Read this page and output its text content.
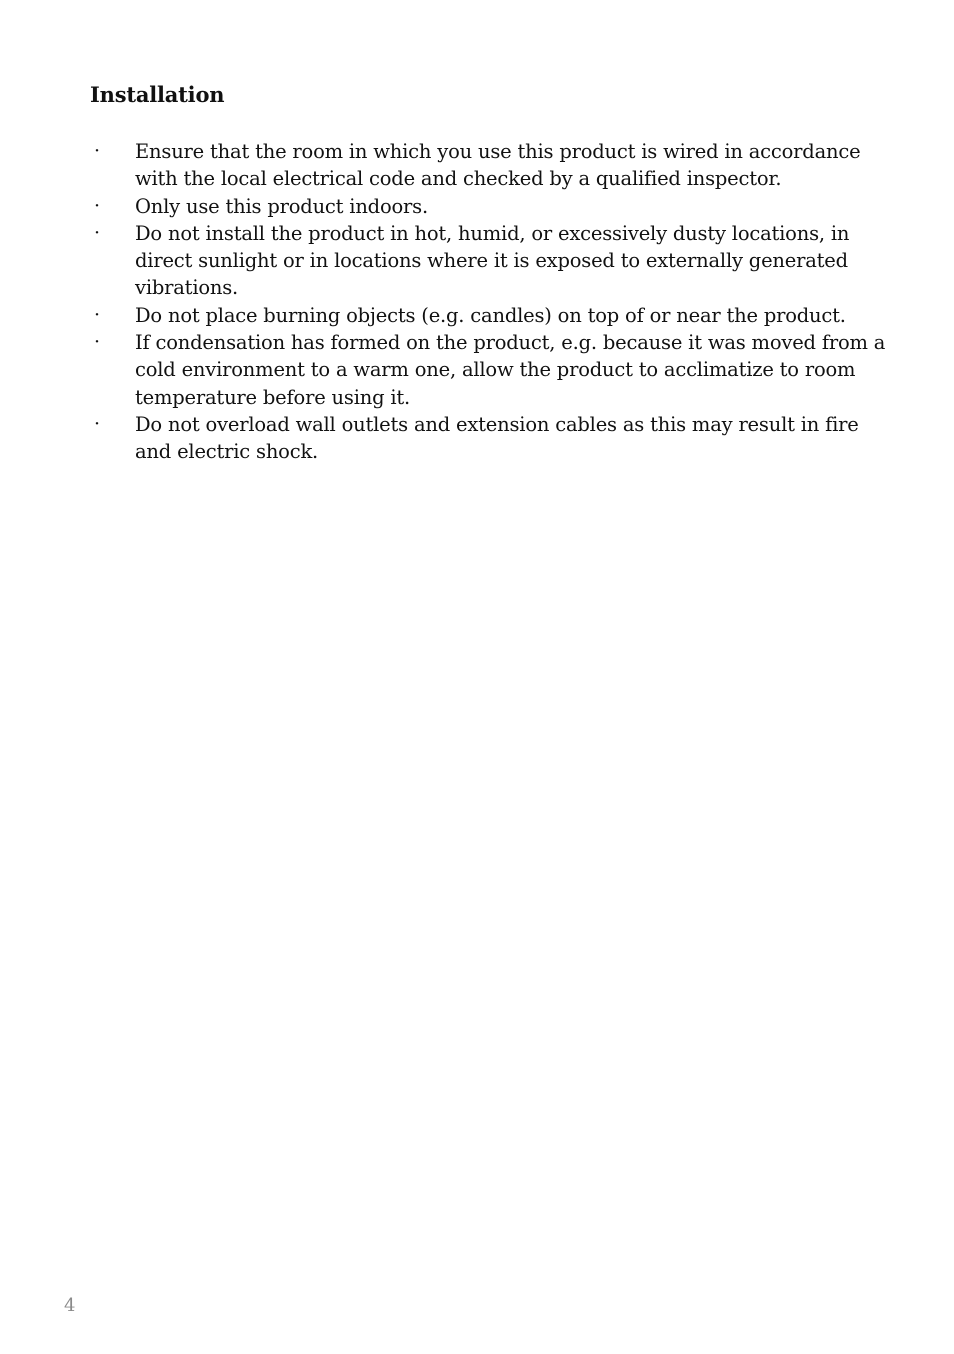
Installation
· Ensure that the room in which you use this product is wired in accordance with the local electrical code and checked by a qualified inspector.
· Only use this product indoors.
· Do not install the product in hot, humid, or excessively dusty locations, in direct sunlight or in locations where it is exposed to externally generated vibrations.
· Do not place burning objects (e.g. candles) on top of or near the product.
· If condensation has formed on the product, e.g. because it was moved from a cold environment to a warm one, allow the product to acclimatize to room temperature before using it.
· Do not overload wall outlets and extension cables as this may result in fire and electric shock.
4
